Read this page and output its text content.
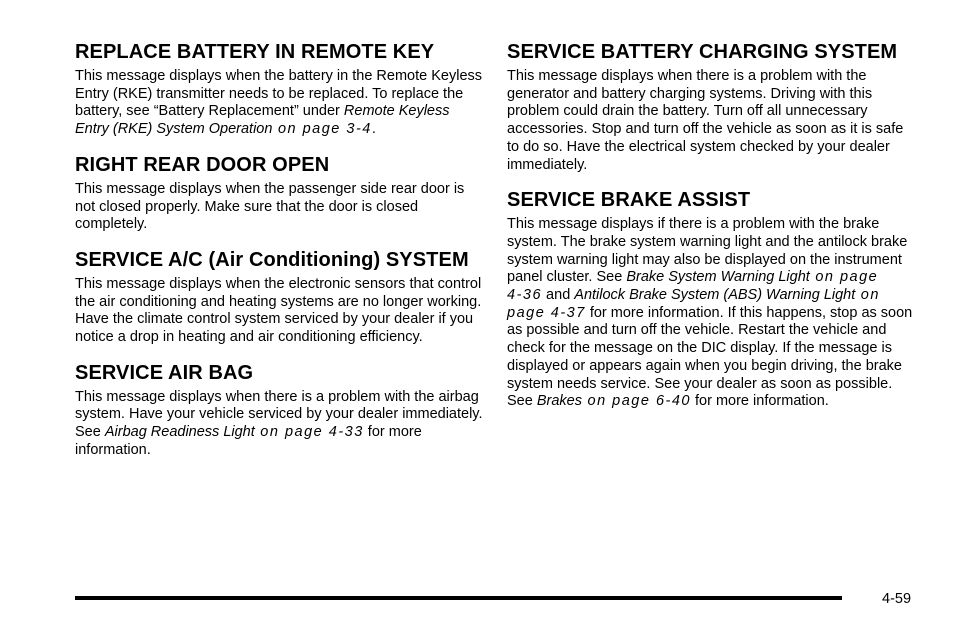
REPLACE BATTERY IN REMOTE KEY

This message displays when the battery in the Remote Keyless Entry (RKE) transmitter needs to be replaced. To replace the battery, see “Battery Replacement” under Remote Keyless Entry (RKE) System Operation on page 3‑4.

RIGHT REAR DOOR OPEN

This message displays when the passenger side rear door is not closed properly. Make sure that the door is closed completely.

SERVICE A/C (Air Conditioning) SYSTEM

This message displays when the electronic sensors that control the air conditioning and heating systems are no longer working. Have the climate control system serviced by your dealer if you notice a drop in heating and air conditioning efficiency.

SERVICE AIR BAG

This message displays when there is a problem with the airbag system. Have your vehicle serviced by your dealer immediately. See Airbag Readiness Light on page 4‑33 for more information.

SERVICE BATTERY CHARGING SYSTEM

This message displays when there is a problem with the generator and battery charging systems. Driving with this problem could drain the battery. Turn off all unnecessary accessories. Stop and turn off the vehicle as soon as it is safe to do so. Have the electrical system checked by your dealer immediately.

SERVICE BRAKE ASSIST

This message displays if there is a problem with the brake system. The brake system warning light and the antilock brake system warning light may also be displayed on the instrument panel cluster. See Brake System Warning Light on page 4‑36 and Antilock Brake System (ABS) Warning Light on page 4‑37 for more information. If this happens, stop as soon as possible and turn off the vehicle. Restart the vehicle and check for the message on the DIC display. If the message is displayed or appears again when you begin driving, the brake system needs service. See your dealer as soon as possible. See Brakes on page 6‑40 for more information.

4-59
